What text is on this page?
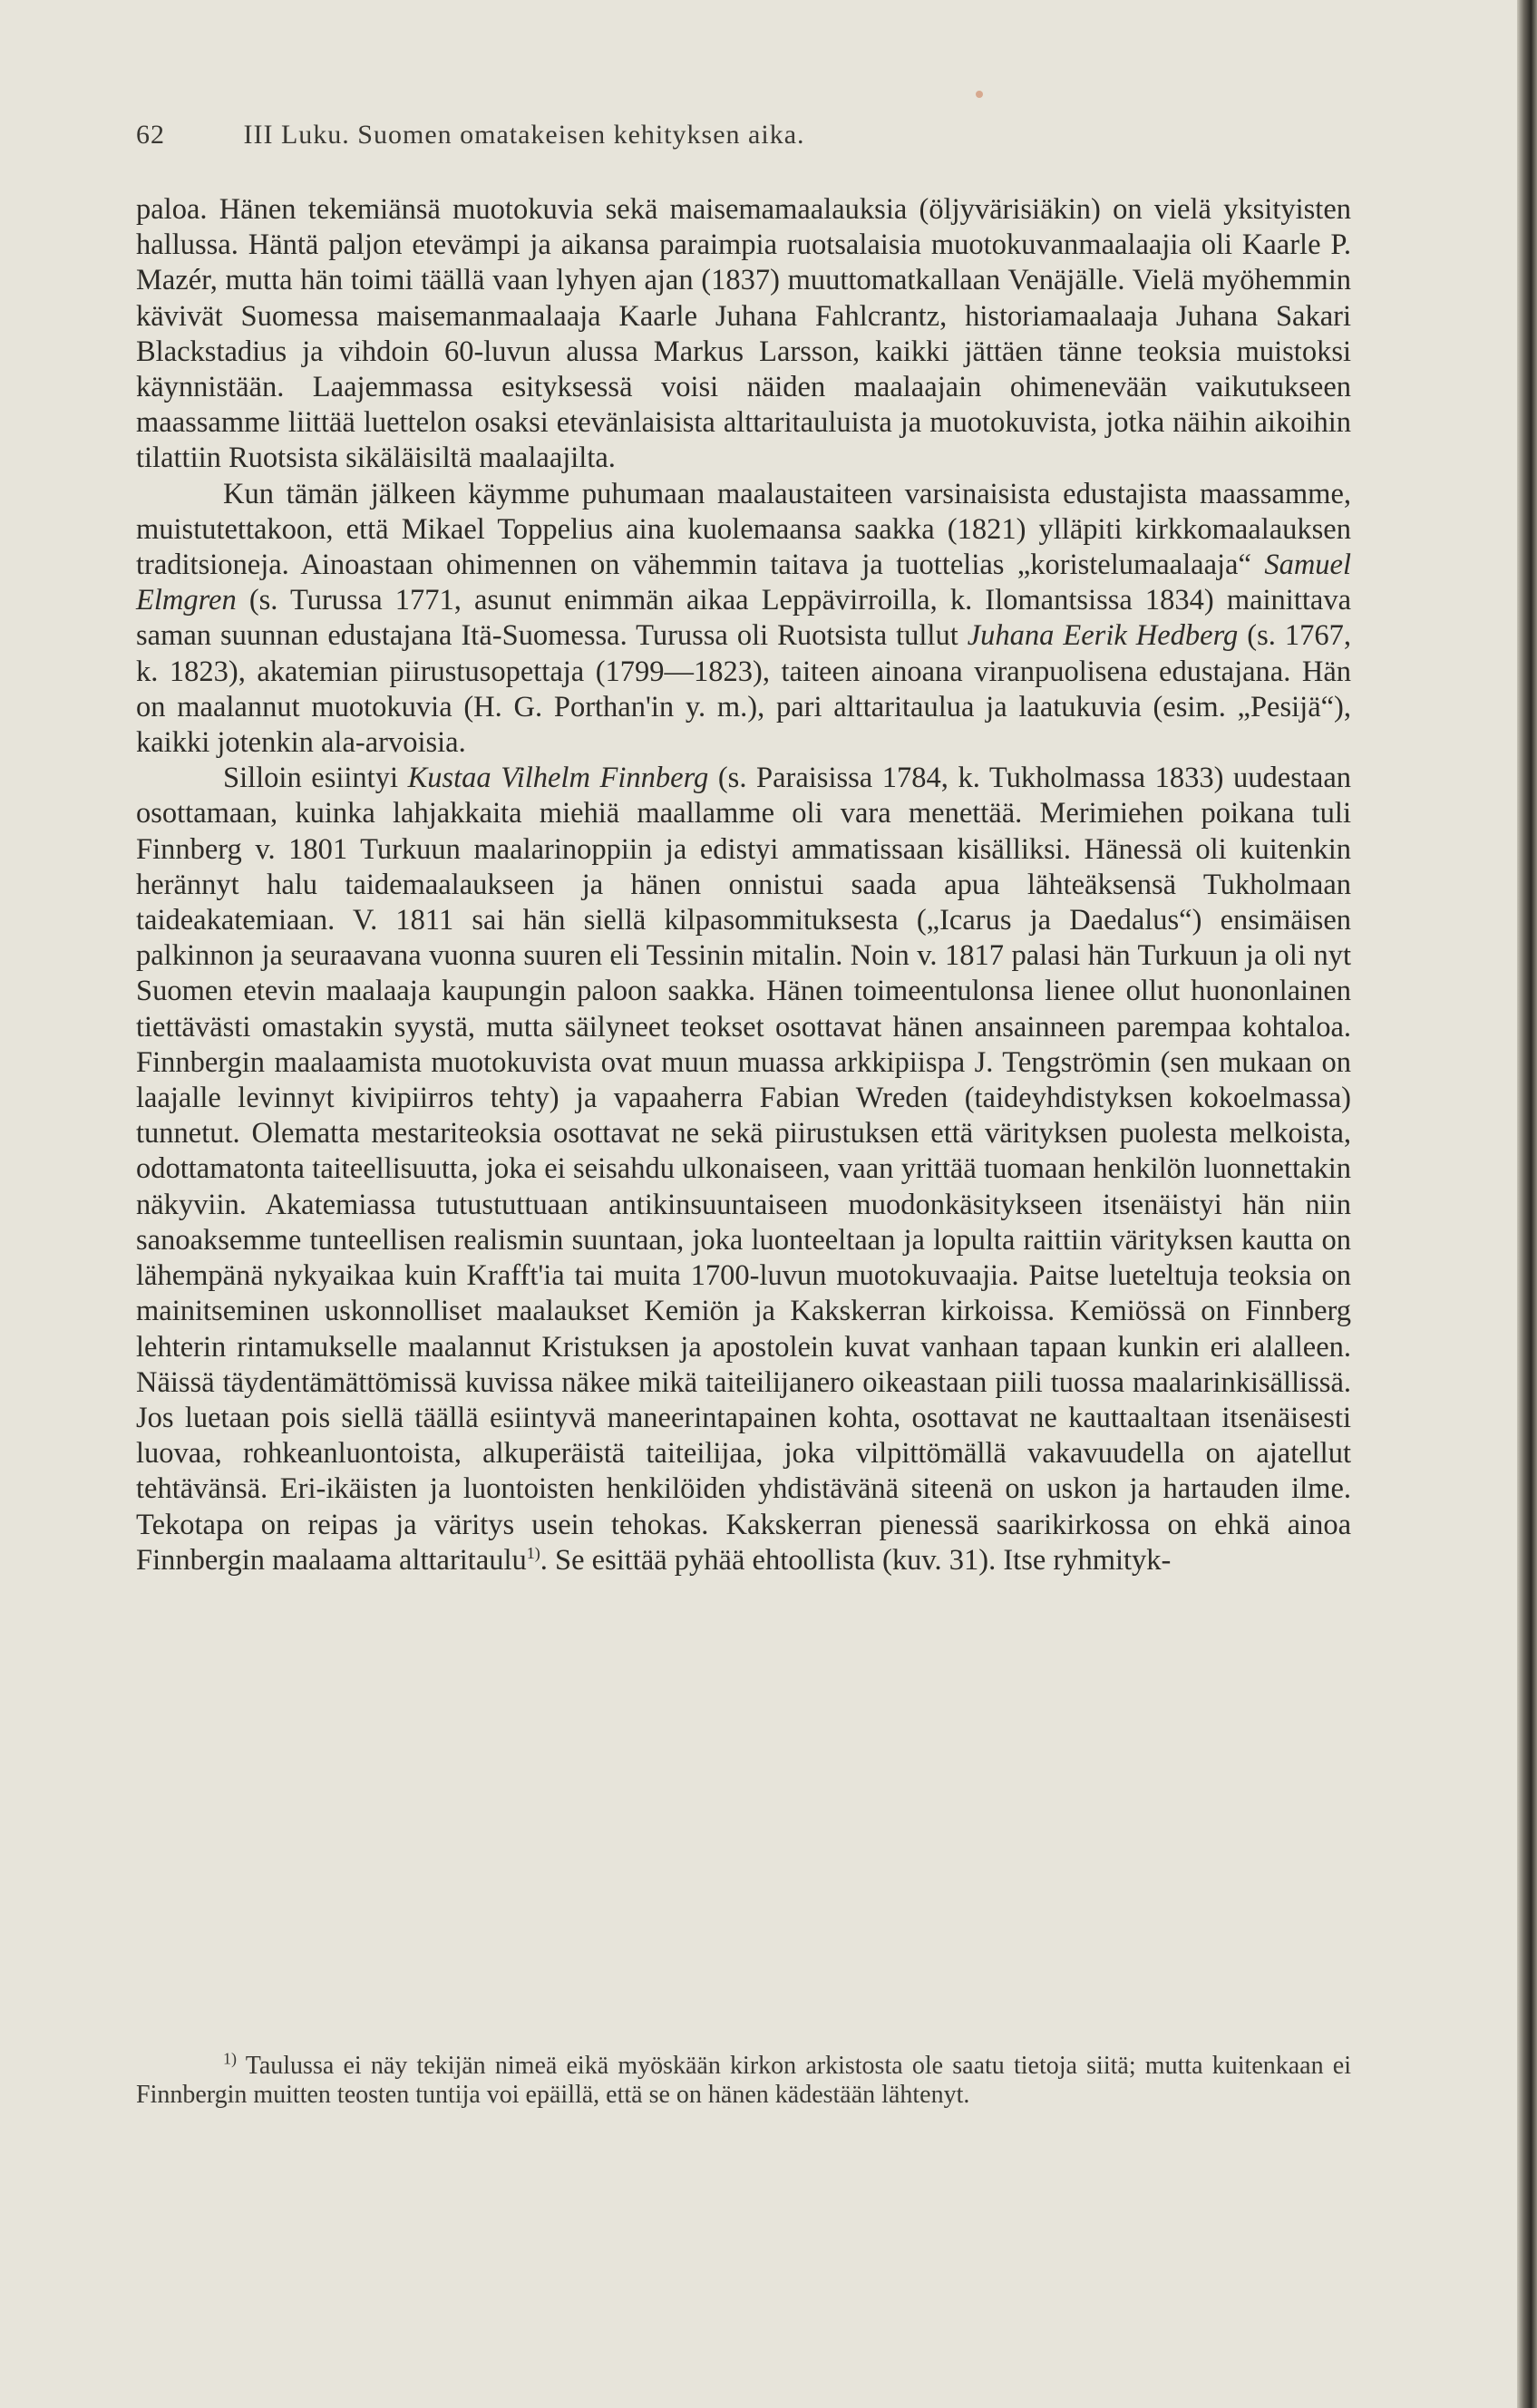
62	III Luku. Suomen omatakeisen kehityksen aika.

paloa. Hänen tekemiänsä muotokuvia sekä maisemamaalauksia (öljyvärisiäkin) on vielä yksityisten hallussa. Häntä paljon etevämpi ja aikansa paraimpia ruotsalaisia muotokuvanmaalaajia oli Kaarle P. Mazér, mutta hän toimi täällä vaan lyhyen ajan (1837) muuttomatkallaan Venäjälle. Vielä myöhemmin kävivät Suomessa maisemanmaalaaja Kaarle Juhana Fahlcrantz, historiamaalaaja Juhana Sakari Blackstadius ja vihdoin 60-luvun alussa Markus Larsson, kaikki jättäen tänne teoksia muistoksi käynnistään. Laajemmassa esityksessä voisi näiden maalaajain ohimenevään vaikutukseen maassamme liittää luettelon osaksi etevänlaisista alttaritauluista ja muotokuvista, jotka näihin aikoihin tilattiin Ruotsista sikäläisiltä maalaajilta.

Kun tämän jälkeen käymme puhumaan maalaustaiteen varsinaisista edustajista maassamme, muistutettakoon, että Mikael Toppelius aina kuolemaansa saakka (1821) ylläpiti kirkkomaalauksen traditsioneja. Ainoastaan ohimennen on vähemmin taitava ja tuottelias „koristelumaalaaja“ Samuel Elmgren (s. Turussa 1771, asunut enimmän aikaa Leppävirroilla, k. Ilomantsissa 1834) mainittava saman suunnan edustajana Itä-Suomessa. Turussa oli Ruotsista tullut Juhana Eerik Hedberg (s. 1767, k. 1823), akatemian piirustusopettaja (1799—1823), taiteen ainoana viranpuolisena edustajana. Hän on maalannut muotokuvia (H. G. Porthan'in y. m.), pari alttaritaulua ja laatukuvia (esim. „Pesijä“), kaikki jotenkin ala-arvoisia.

Silloin esiintyi Kustaa Vilhelm Finnberg (s. Paraisissa 1784, k. Tukholmassa 1833) uudestaan osottamaan, kuinka lahjakkaita miehiä maallamme oli vara menettää. Merimiehen poikana tuli Finnberg v. 1801 Turkuun maalarinoppiin ja edistyi ammatissaan kisälliksi. Hänessä oli kuitenkin herännyt halu taidemaalaukseen ja hänen onnistui saada apua lähteäksensä Tukholmaan taideakatemiaan. V. 1811 sai hän siellä kilpasommituksesta („Icarus ja Daedalus“) ensimäisen palkinnon ja seuraavana vuonna suuren eli Tessinin mitalin. Noin v. 1817 palasi hän Turkuun ja oli nyt Suomen etevin maalaaja kaupungin paloon saakka. Hänen toimeentulonsa lienee ollut huononlainen tiettävästi omastakin syystä, mutta säilyneet teokset osottavat hänen ansainneen parempaa kohtaloa. Finnbergin maalaamista muotokuvista ovat muun muassa arkkipiispa J. Tengströmin (sen mukaan on laajalle levinnyt kivipiirros tehty) ja vapaaherra Fabian Wreden (taideyhdistyksen kokoelmassa) tunnetut. Olematta mestariteoksia osottavat ne sekä piirustuksen että värityksen puolesta melkoista, odottamatonta taiteellisuutta, joka ei seisahdu ulkonaiseen, vaan yrittää tuomaan henkilön luonnettakin näkyviin. Akatemiassa tutustuttuaan antikinsuuntaiseen muodonkäsitykseen itsenäistyi hän niin sanoaksemme tunteellisen realismin suuntaan, joka luonteeltaan ja lopulta raittiin värityksen kautta on lähempänä nykyaikaa kuin Krafft'ia tai muita 1700-luvun muotokuvaajia. Paitse lueteltuja teoksia on mainitseminen uskonnolliset maalaukset Kemiön ja Kakskerran kirkoissa. Kemiössä on Finnberg lehterin rintamukselle maalannut Kristuksen ja apostolein kuvat vanhaan tapaan kunkin eri alalleen. Näissä täydentämättömissä kuvissa näkee mikä taiteilijanero oikeastaan piili tuossa maalarinkisällissä. Jos luetaan pois siellä täällä esiintyvä maneerintapainen kohta, osottavat ne kauttaaltaan itsenäisesti luovaa, rohkeanluontoista, alkuperäistä taiteilijaa, joka vilpittömällä vakavuudella on ajatellut tehtävänsä. Eri-ikäisten ja luontoisten henkilöiden yhdistävänä siteenä on uskon ja hartauden ilme. Tekotapa on reipas ja väritys usein tehokas. Kakskerran pienessä saarikirkossa on ehkä ainoa Finnbergin maalaama alttaritaulu$^{1)}$. Se esittää pyhää ehtoollista (kuv. 31). Itse ryhmityk-

$^{1)}$ Taulussa ei näy tekijän nimeä eikä myöskään kirkon arkistosta ole saatu tietoja siitä; mutta kuitenkaan ei Finnbergin muitten teosten tuntija voi epäillä, että se on hänen kädestään lähtenyt.
